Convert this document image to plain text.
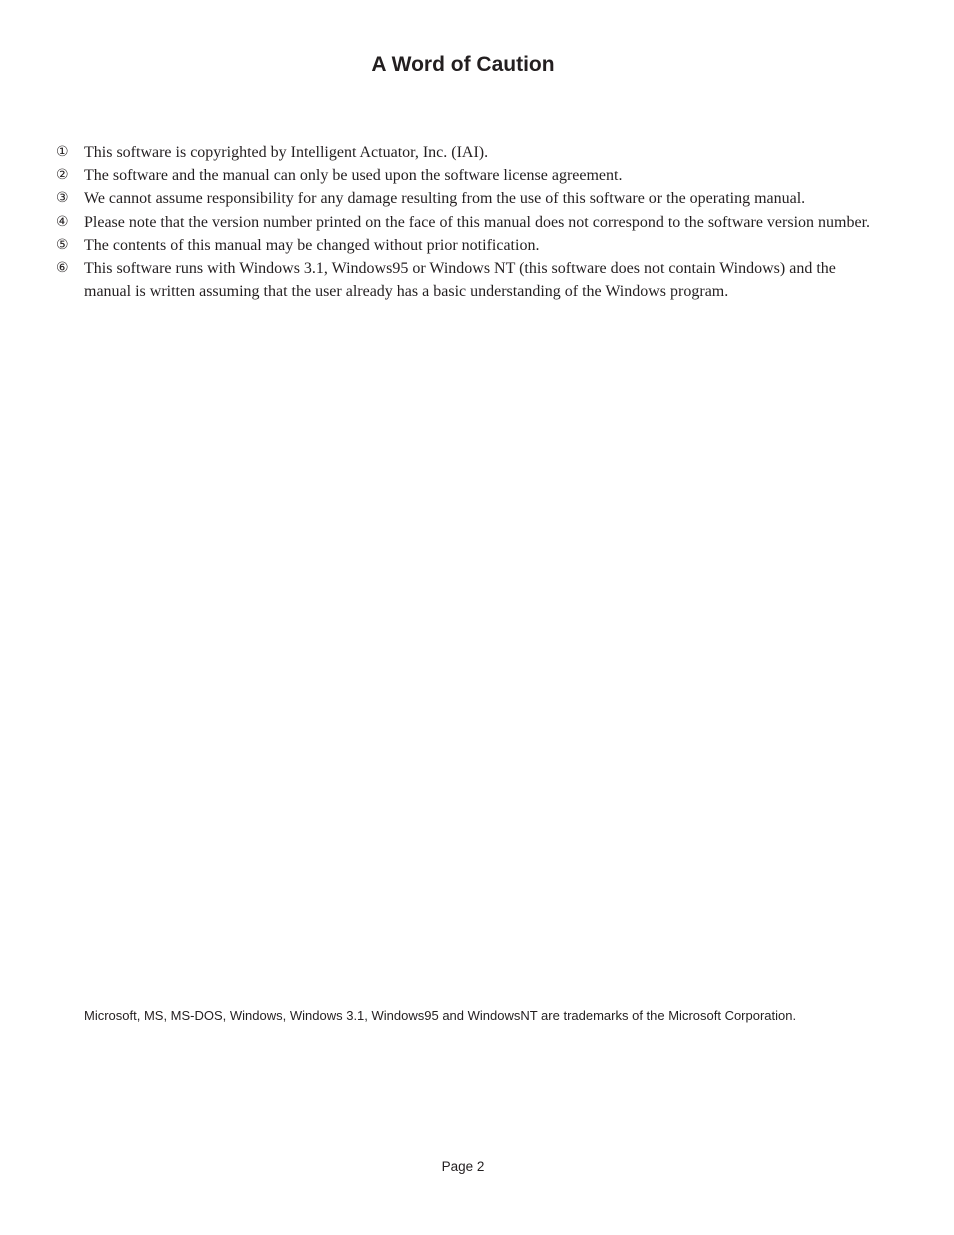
A Word of Caution
① This software is copyrighted by Intelligent Actuator, Inc. (IAI).
② The software and the manual can only be used upon the software license agreement.
③ We cannot assume responsibility for any damage resulting from the use of this software or the operating manual.
④ Please note that the version number printed on the face of this manual does not correspond to the software version number.
⑤ The contents of this manual may be changed without prior notification.
⑥ This software runs with Windows 3.1, Windows95 or Windows NT (this software does not contain Windows) and the manual is written assuming that the user already has a basic understanding of the Windows program.

Microsoft, MS, MS-DOS, Windows, Windows 3.1, Windows95 and WindowsNT are trademarks of the Microsoft Corporation.

Page 2
